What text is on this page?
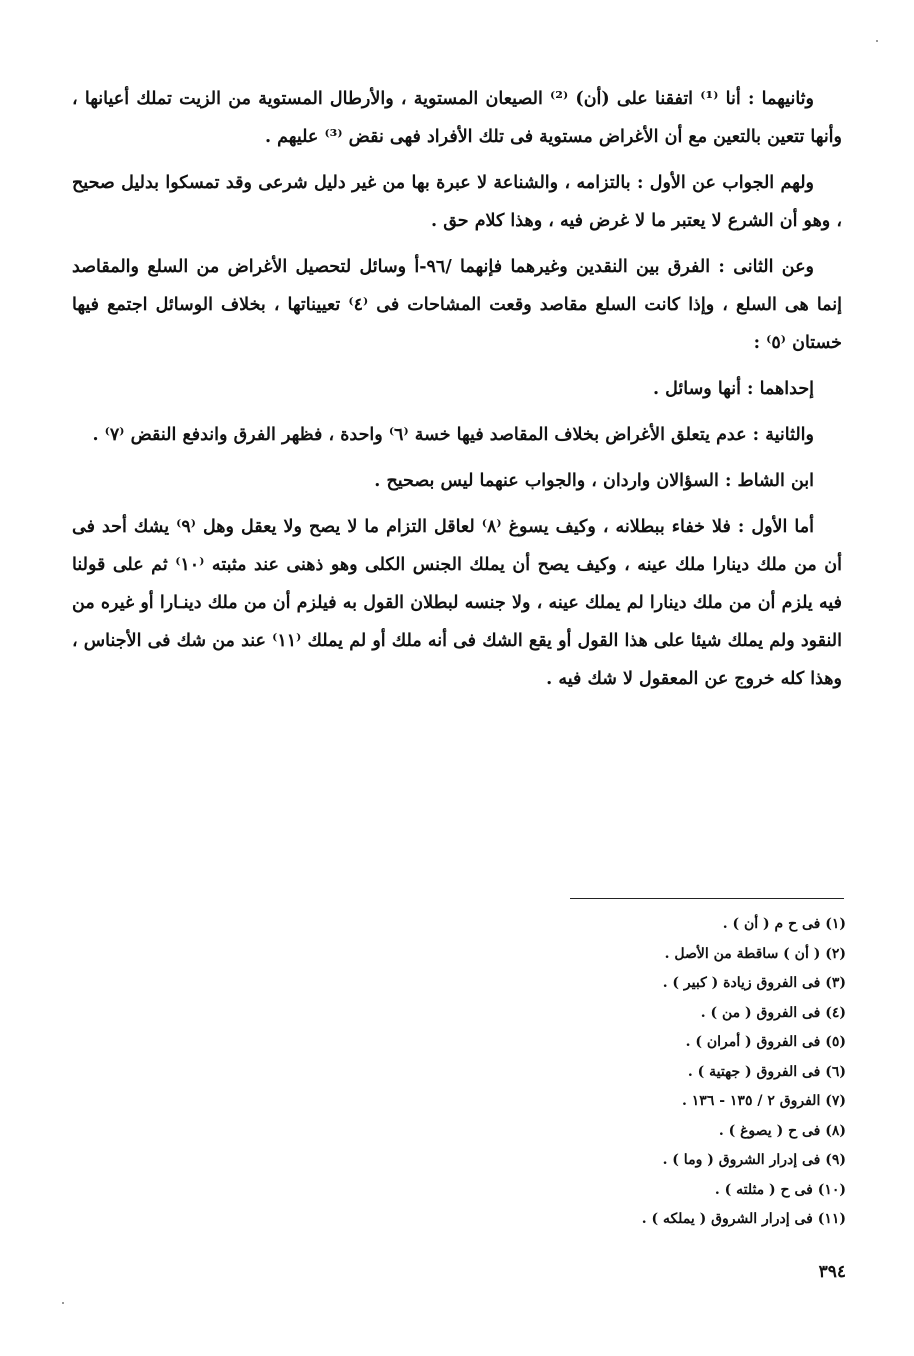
وثانيهما : أنا ⁽¹⁾ اتفقنا على (أن) ⁽²⁾ الصيعان المستوية ، والأرطال المستوية من الزيت تملك أعيانها ، وأنها تتعين بالتعين مع أن الأغراض مستوية فى تلك الأفراد فهى نقض ⁽³⁾ عليهم .

ولهم الجواب عن الأول : بالتزامه ، والشناعة لا عبرة بها من غير دليل شرعى وقد تمسكوا بدليل صحيح ، وهو أن الشرع لا يعتبر ما لا غرض فيه ، وهذا كلام حق .

وعن الثانى : الفرق بين النقدين وغيرهما فإنهما /٩٦-أ وسائل لتحصيل الأغراض من السلع والمقاصد إنما هى السلع ، وإذا كانت السلع مقاصد وقعت المشاحات فى ⁽٤⁾ تعييناتها ، بخلاف الوسائل اجتمع فيها خستان ⁽٥⁾ :

إحداهما : أنها وسائل .

والثانية : عدم يتعلق الأغراض بخلاف المقاصد فيها خسة ⁽٦⁾ واحدة ، فظهر الفرق واندفع النقض ⁽٧⁾ .

ابن الشاط : السؤالان واردان ، والجواب عنهما ليس بصحيح .

أما الأول : فلا خفاء ببطلانه ، وكيف يسوغ ⁽٨⁾ لعاقل التزام ما لا يصح ولا يعقل وهل ⁽٩⁾ يشك أحد فى أن من ملك دينارا ملك عينه ، وكيف يصح أن يملك الجنس الكلى وهو ذهنى عند مثبته ⁽١٠⁾ ثم على قولنا فيه يلزم أن من ملك دينارا لم يملك عينه ، ولا جنسه لبطلان القول به فيلزم أن من ملك دينـارا أو غيره من النقود ولم يملك شيئا على هذا القول أو يقع الشك فى أنه ملك أو لم يملك ⁽١١⁾ عند من شك فى الأجناس ، وهذا كله خروج عن المعقول لا شك فيه .

(١) فى ح م ( أن ) .

(٢) ( أن ) ساقطة من الأصل .

(٣) فى الفروق زيادة ( كبير ) .

(٤) فى الفروق ( من ) .

(٥) فى الفروق ( أمران ) .

(٦) فى الفروق ( جهتية ) .

(٧) الفروق ٢ / ١٣٥ - ١٣٦ .

(٨) فى ح ( يصوغ ) .

(٩) فى إدرار الشروق ( وما ) .

(١٠) فى ح ( مثلته ) .

(١١) فى إدرار الشروق ( يملكه ) .

٣٩٤
